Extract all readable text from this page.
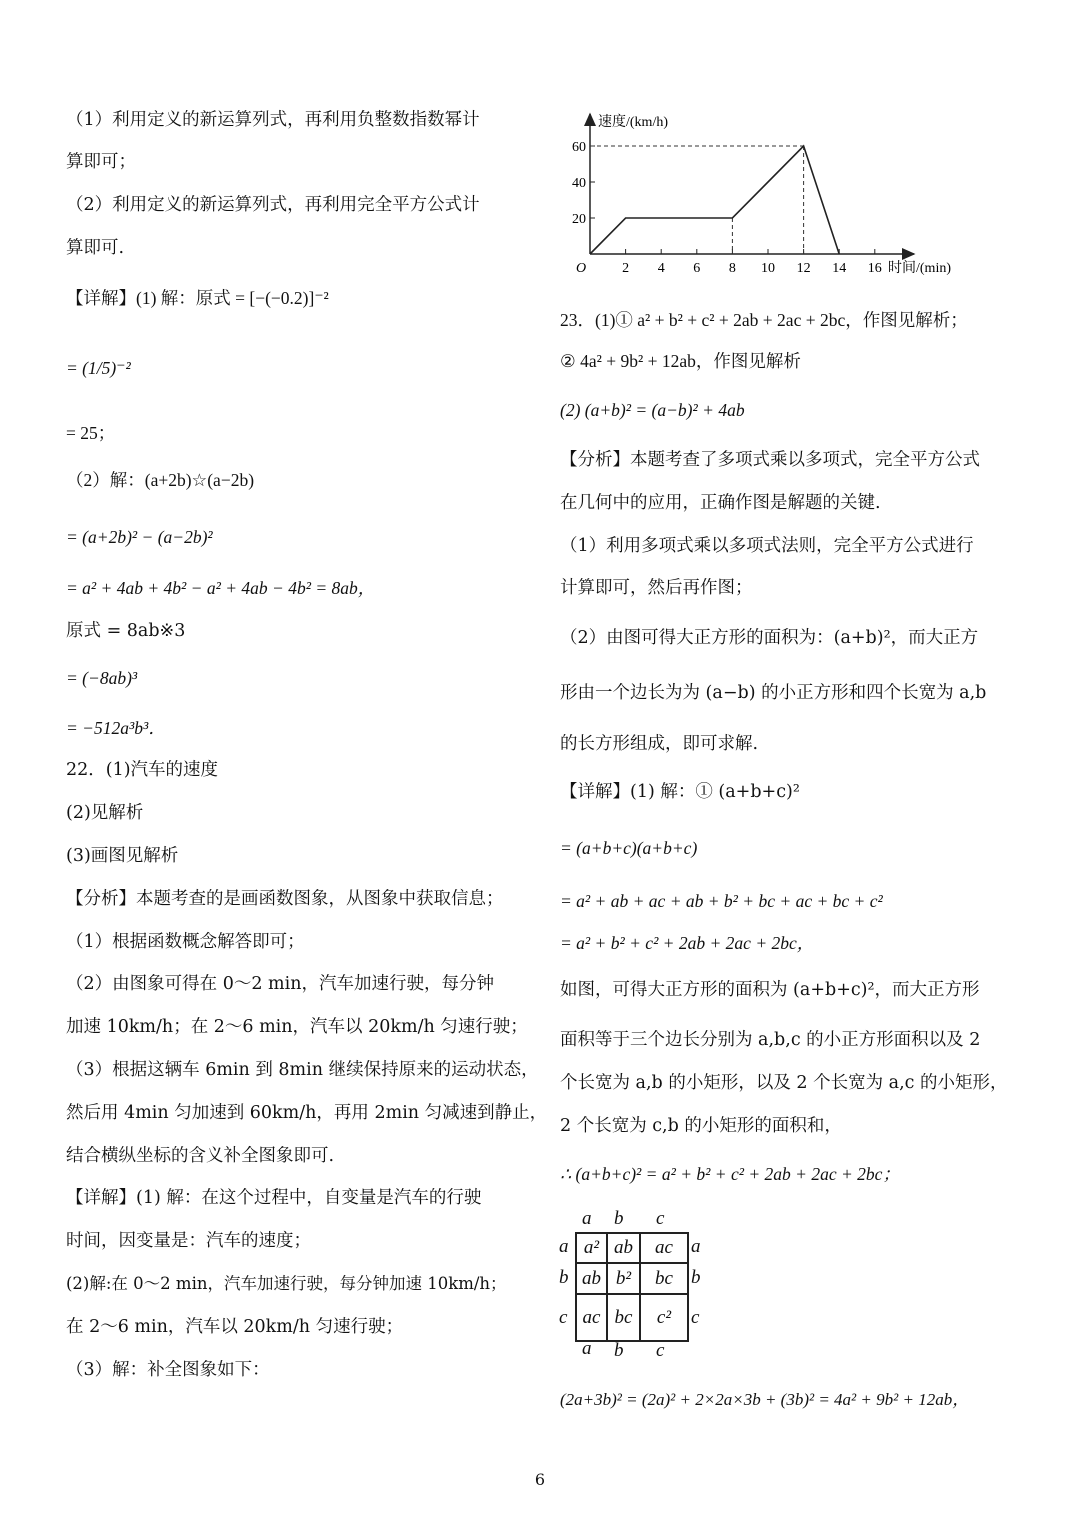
（1）利用定义的新运算列式，再利用负整数指数幂计
算即可；
（2）利用定义的新运算列式，再利用完全平方公式计
算即可.
【详解】(1) 解：原式 = [−(−0.2)]⁻²
= (1/5)⁻²
= 25；
（2）解：(a+2b)☆(a−2b)
= (a+2b)² − (a−2b)²
= a² + 4ab + 4b² − a² + 4ab − 4b² = 8ab，
原式 = 8ab※3
= (−8ab)³
= −512a³b³．
22．(1)汽车的速度
(2)见解析
(3)画图见解析
【分析】本题考查的是画函数图象，从图象中获取信息；
（1）根据函数概念解答即可；
（2）由图象可得在 0～2 min，汽车加速行驶，每分钟
加速 10km/h；在 2～6 min，汽车以 20km/h 匀速行驶；
（3）根据这辆车 6min 到 8min 继续保持原来的运动状态，
然后用 4min 匀加速到 60km/h，再用 2min 匀减速到静止，
结合横纵坐标的含义补全图象即可.
【详解】(1) 解：在这个过程中，自变量是汽车的行驶
时间，因变量是：汽车的速度；
(2)解:在 0～2 min，汽车加速行驶，每分钟加速 10km/h；
在 2～6 min，汽车以 20km/h 匀速行驶；
（3）解：补全图象如下：
20
40
60
2 4 6 8 10 12 14 16
O
速度/(km/h)
时间/(min)
23．(1)① a² + b² + c² + 2ab + 2ac + 2bc，作图见解析；
② 4a² + 9b² + 12ab，作图见解析
(2) (a+b)² = (a−b)² + 4ab
【分析】本题考查了多项式乘以多项式，完全平方公式
在几何中的应用，正确作图是解题的关键.
（1）利用多项式乘以多项式法则，完全平方公式进行
计算即可，然后再作图；
（2）由图可得大正方形的面积为：(a+b)²，而大正方
形由一个边长为为 (a−b) 的小正方形和四个长宽为 a,b
的长方形组成，即可求解.
【详解】(1) 解：① (a+b+c)²
= (a+b+c)(a+b+c)
= a² + ab + ac + ab + b² + bc + ac + bc + c²
= a² + b² + c² + 2ab + 2ac + 2bc，
如图，可得大正方形的面积为 (a+b+c)²，而大正方形
面积等于三个边长分别为 a,b,c 的小正方形面积以及 2
个长宽为 a,b 的小矩形，以及 2 个长宽为 a,c 的小矩形，
2 个长宽为 c,b 的小矩形的面积和，
∴ (a+b+c)² = a² + b² + c² + 2ab + 2ac + 2bc；
(2a+3b)² = (2a)² + 2×2a×3b + (3b)² = 4a² + 9b² + 12ab，
a b c
a
b
c
a
b
c
a²	ab	ac
ab	b²	bc
ac	bc	c²
a b c
6
